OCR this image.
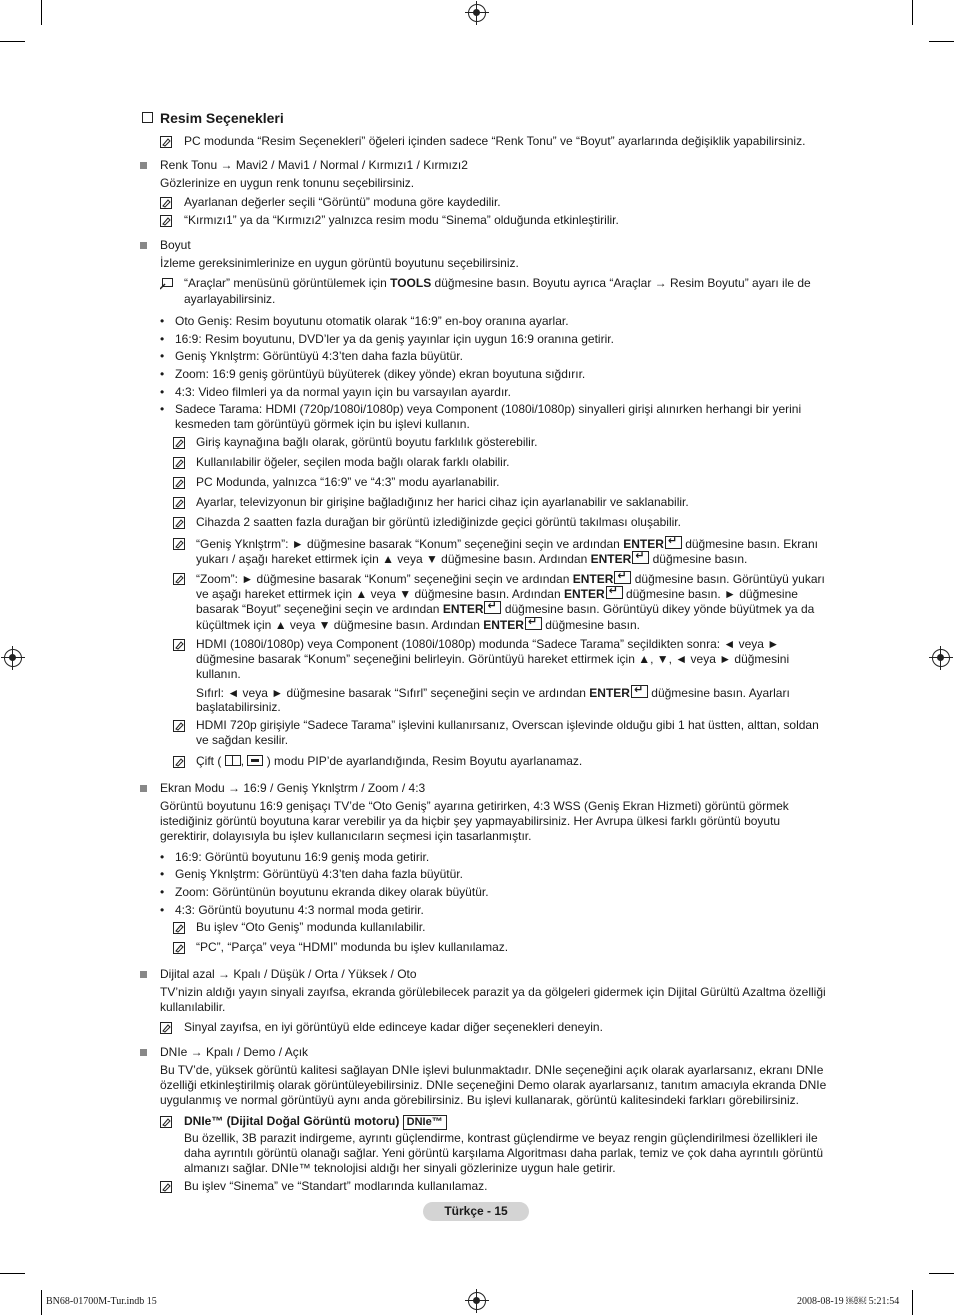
Resim Seçenekleri
PC modunda “Resim Seçenekleri” öğeleri içinden sadece “Renk Tonu” ve “Boyut” ayarlarında değişiklik yapabilirsiniz.
Renk Tonu → Mavi2 / Mavi1 / Normal / Kırmızı1 / Kırmızı2
Gözlerinize en uygun renk tonunu seçebilirsiniz.
Ayarlanan değerler seçili “Görüntü” moduna göre kaydedilir.
“Kırmızı1” ya da “Kırmızı2” yalnızca resim modu “Sinema” olduğunda etkinleştirilir.
Boyut
İzleme gereksinimlerinize en uygun görüntü boyutunu seçebilirsiniz.
“Araçlar” menüsünü görüntülemek için TOOLS düğmesine basın. Boyutu ayrıca “Araçlar → Resim Boyutu” ayarı ile de
ayarlayabilirsiniz.
• Oto Geniş: Resim boyutunu otomatik olarak “16:9” en-boy oranına ayarlar.
• 16:9: Resim boyutunu, DVD’ler ya da geniş yayınlar için uygun 16:9 oranına getirir.
• Geniş Yknlştrm: Görüntüyü 4:3’ten daha fazla büyütür.
• Zoom: 16:9 geniş görüntüyü büyüterek (dikey yönde) ekran boyutuna sığdırır.
• 4:3: Video filmleri ya da normal yayın için bu varsayılan ayardır.
• Sadece Tarama: HDMI (720p/1080i/1080p) veya Component (1080i/1080p) sinyalleri girişi alınırken herhangi bir yerini
kesmeden tam görüntüyü görmek için bu işlevi kullanın.
Giriş kaynağına bağlı olarak, görüntü boyutu farklılık gösterebilir.
Kullanılabilir öğeler, seçilen moda bağlı olarak farklı olabilir.
PC Modunda, yalnızca “16:9” ve “4:3” modu ayarlanabilir.
Ayarlar, televizyonun bir girişine bağladığınız her harici cihaz için ayarlanabilir ve saklanabilir.
Cihazda 2 saatten fazla durağan bir görüntü izlediğinizde geçici görüntü takılması oluşabilir.
“Geniş Yknlştrm”: ► düğmesine basarak “Konum” seçeneğini seçin ve ardından ENTER↵ düğmesine basın. Ekranı
yukarı / aşağı hareket ettirmek için ▲ veya ▼ düğmesine basın. Ardından ENTER↵ düğmesine basın.
“Zoom”: ► düğmesine basarak “Konum” seçeneğini seçin ve ardından ENTER↵ düğmesine basın. Görüntüyü yukarı
ve aşağı hareket ettirmek için ▲ veya ▼ düğmesine basın. Ardından ENTER↵ düğmesine basın. ► düğmesine
basarak “Boyut” seçeneğini seçin ve ardından ENTER↵ düğmesine basın. Görüntüyü dikey yönde büyütmek ya da
küçültmek için ▲ veya ▼ düğmesine basın. Ardından ENTER↵ düğmesine basın.
HDMI (1080i/1080p) veya Component (1080i/1080p) modunda “Sadece Tarama” seçildikten sonra: ◄ veya ►
düğmesine basarak “Konum” seçeneğini belirleyin. Görüntüyü hareket ettirmek için ▲, ▼, ◄ veya ► düğmesini
kullanın.
Sıfırl: ◄ veya ► düğmesine basarak “Sıfırl” seçeneğini seçin ve ardından ENTER↵ düğmesine basın. Ayarları
başlatabilirsiniz.
HDMI 720p girişiyle “Sadece Tarama” işlevini kullanırsanız, Overscan işlevinde olduğu gibi 1 hat üstten, alttan, soldan
ve sağdan kesilir.
Çift ( , ) modu PIP’de ayarlandığında, Resim Boyutu ayarlanamaz.
Ekran Modu → 16:9 / Geniş Yknlştrm / Zoom / 4:3
Görüntü boyutunu 16:9 genişaçı TV’de “Oto Geniş” ayarına getirirken, 4:3 WSS (Geniş Ekran Hizmeti) görüntü görmek
istediğiniz görüntü boyutuna karar verebilir ya da hiçbir şey yapmayabilirsiniz. Her Avrupa ülkesi farklı görüntü boyutu
gerektirir, dolayısıyla bu işlev kullanıcıların seçmesi için tasarlanmıştır.
• 16:9: Görüntü boyutunu 16:9 geniş moda getirir.
• Geniş Yknlştrm: Görüntüyü 4:3’ten daha fazla büyütür.
• Zoom: Görüntünün boyutunu ekranda dikey olarak büyütür.
• 4:3: Görüntü boyutunu 4:3 normal moda getirir.
Bu işlev “Oto Geniş” modunda kullanılabilir.
“PC”, “Parça” veya “HDMI” modunda bu işlev kullanılamaz.
Dijital azal → Kpalı / Düşük / Orta / Yüksek / Oto
TV’nizin aldığı yayın sinyali zayıfsa, ekranda görülebilecek parazit ya da gölgeleri gidermek için Dijital Gürültü Azaltma özelliği
kullanılabilir.
Sinyal zayıfsa, en iyi görüntüyü elde edinceye kadar diğer seçenekleri deneyin.
DNIe → Kpalı / Demo / Açık
Bu TV’de, yüksek görüntü kalitesi sağlayan DNIe işlevi bulunmaktadır. DNIe seçeneğini açık olarak ayarlarsanız, ekranı DNIe
özelliği etkinleştirilmiş olarak görüntüleyebilirsiniz. DNIe seçeneğini Demo olarak ayarlarsanız, tanıtım amacıyla ekranda DNIe
uygulanmış ve normal görüntüyü aynı anda görebilirsiniz. Bu işlevi kullanarak, görüntü kalitesindeki farkları görebilirsiniz.
DNIe™ (Dijital Doğal Görüntü motoru) DNIe™
Bu özellik, 3B parazit indirgeme, ayrıntı güçlendirme, kontrast güçlendirme ve beyaz rengin güçlendirilmesi özellikleri ile
daha ayrıntılı görüntü olanağı sağlar. Yeni görüntü karşılama Algoritması daha parlak, temiz ve çok daha ayrıntılı görüntü
almanızı sağlar. DNIe™ teknolojisi aldığı her sinyali gözlerinize uygun hale getirir.
Bu işlev “Sinema” ve “Standart” modlarında kullanılamaz.
Türkçe - 15
BN68-01700M-Tur.indb 15	2008-08-19 ￼￼ 5:21:54
